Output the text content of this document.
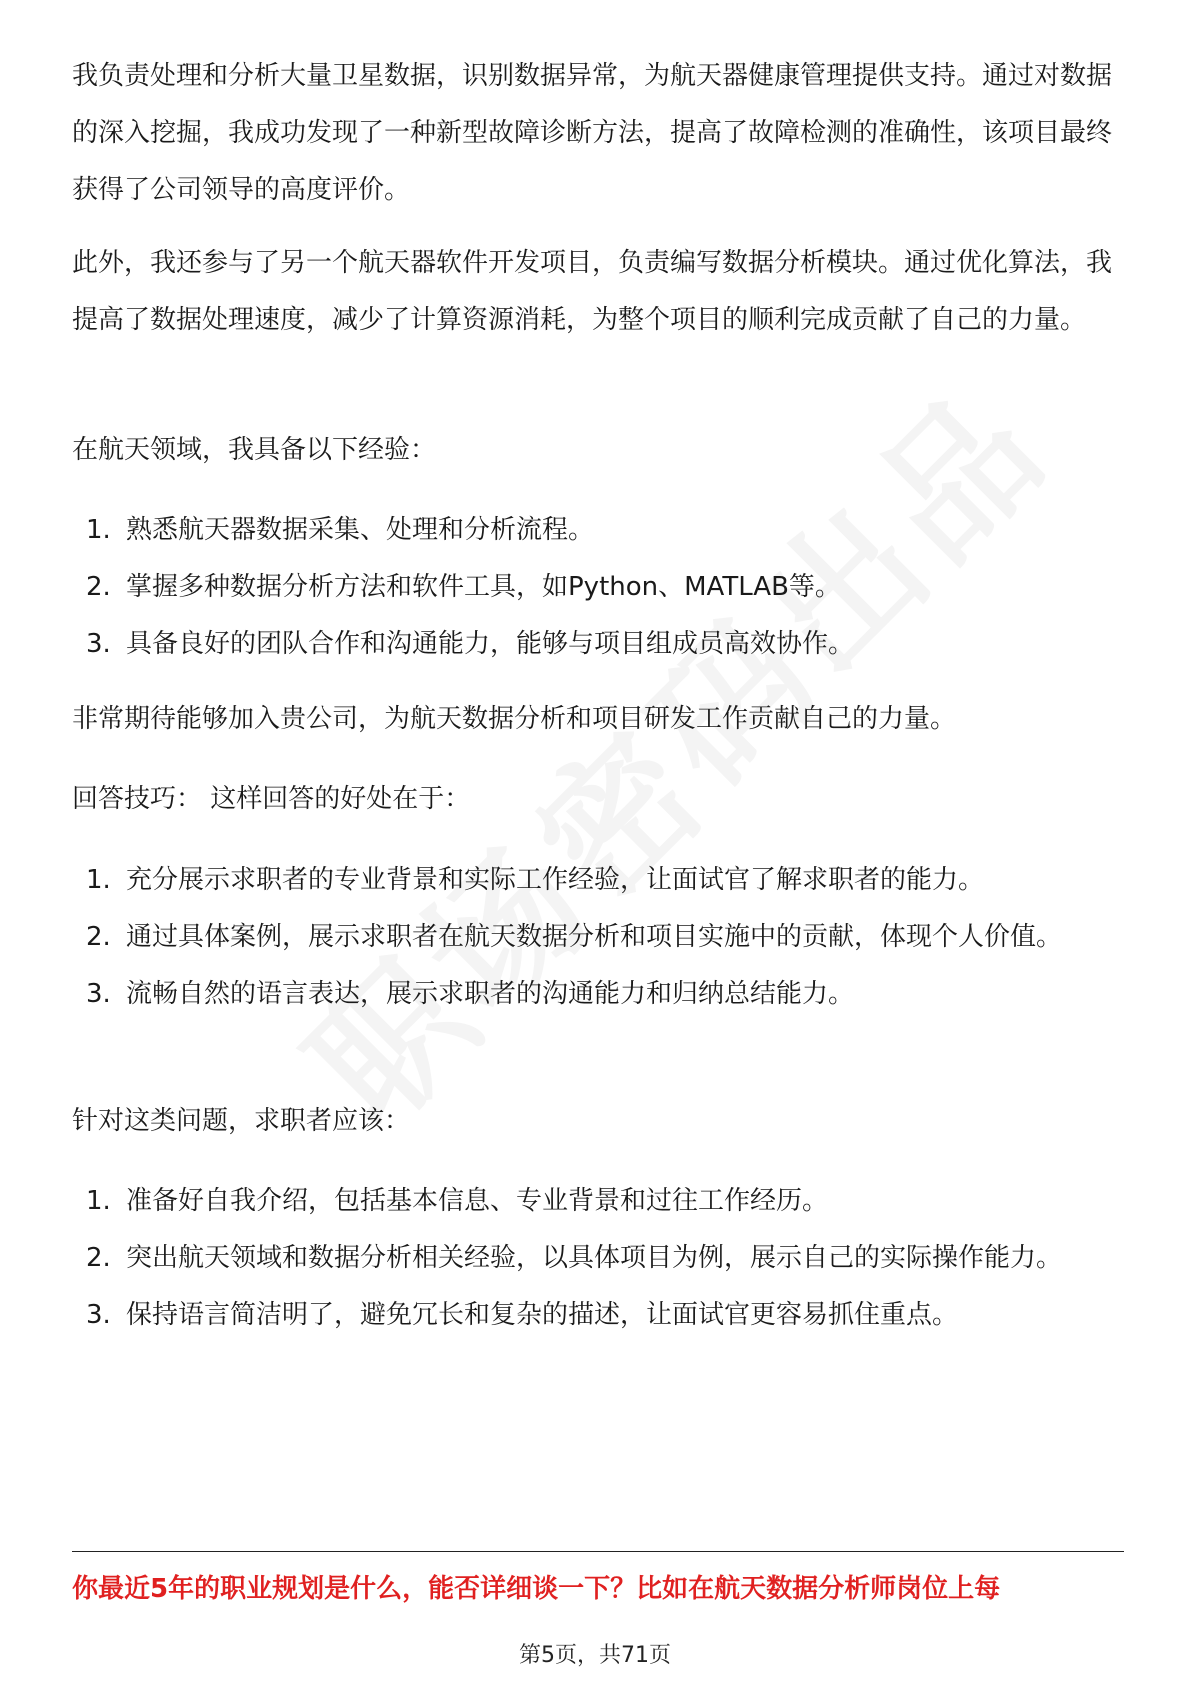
我负责处理和分析大量卫星数据，识别数据异常，为航天器健康管理提供支持。通过对数据的深入挖掘，我成功发现了一种新型故障诊断方法，提高了故障检测的准确性，该项目最终获得了公司领导的高度评价。

此外，我还参与了另一个航天器软件开发项目，负责编写数据分析模块。通过优化算法，我提高了数据处理速度，减少了计算资源消耗，为整个项目的顺利完成贡献了自己的力量。

在航天领域，我具备以下经验：

1. 熟悉航天器数据采集、处理和分析流程。
2. 掌握多种数据分析方法和软件工具，如Python、MATLAB等。
3. 具备良好的团队合作和沟通能力，能够与项目组成员高效协作。

非常期待能够加入贵公司，为航天数据分析和项目研发工作贡献自己的力量。

回答技巧： 这样回答的好处在于：

1. 充分展示求职者的专业背景和实际工作经验，让面试官了解求职者的能力。
2. 通过具体案例，展示求职者在航天数据分析和项目实施中的贡献，体现个人价值。
3. 流畅自然的语言表达，展示求职者的沟通能力和归纳总结能力。

针对这类问题，求职者应该：

1. 准备好自我介绍，包括基本信息、专业背景和过往工作经历。
2. 突出航天领域和数据分析相关经验，以具体项目为例，展示自己的实际操作能力。
3. 保持语言简洁明了，避免冗长和复杂的描述，让面试官更容易抓住重点。
你最近5年的职业规划是什么，能否详细谈一下？比如在航天数据分析师岗位上每
第5页，共71页
